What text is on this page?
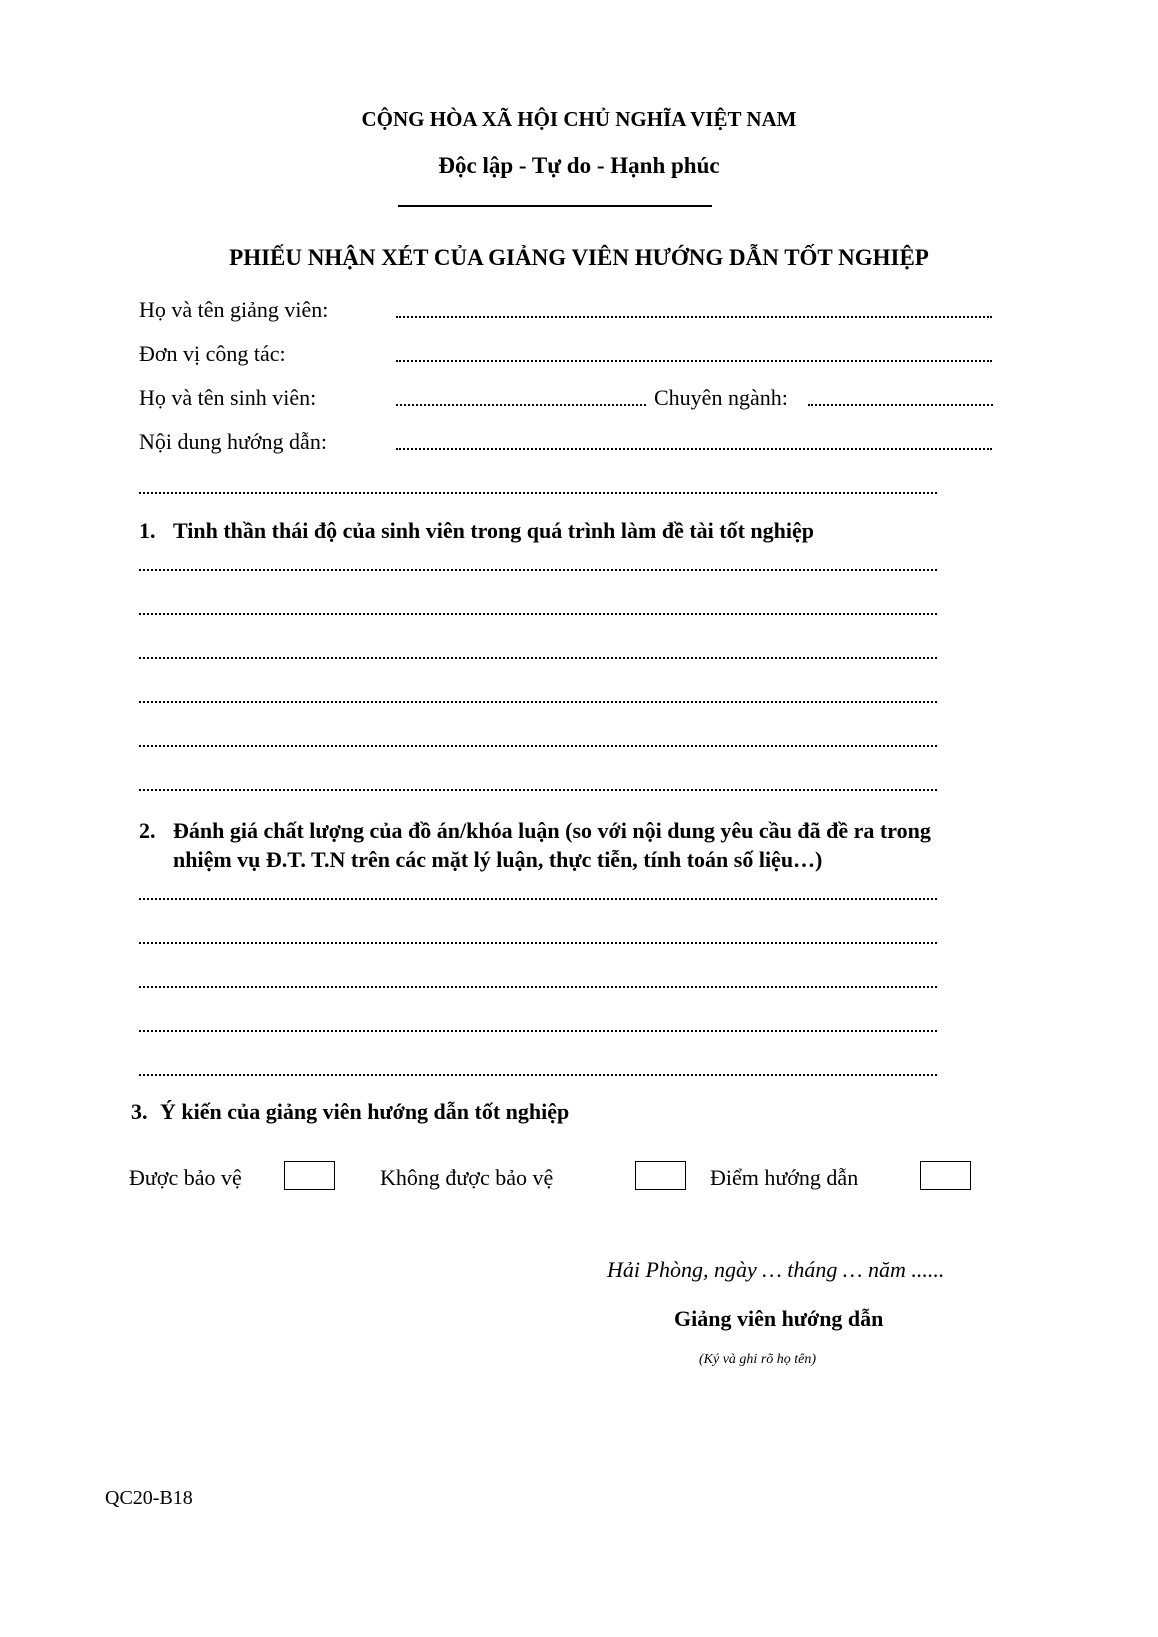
CỘNG HÒA XÃ HỘI CHỦ NGHĨA VIỆT NAM
Độc lập - Tự do - Hạnh phúc
PHIẾU NHẬN XÉT CỦA GIẢNG VIÊN HƯỚNG DẪN TỐT NGHIỆP
Họ và tên giảng viên:
Đơn vị công tác:
Họ và tên sinh viên:	Chuyên ngành:
Nội dung hướng dẫn:
1. Tinh thần thái độ của sinh viên trong quá trình làm đề tài tốt nghiệp
2. Đánh giá chất lượng của đồ án/khóa luận (so với nội dung yêu cầu đã đề ra trong
nhiệm vụ Đ.T. T.N trên các mặt lý luận, thực tiễn, tính toán số liệu…)
3. Ý kiến của giảng viên hướng dẫn tốt nghiệp
Được bảo vệ	Không được bảo vệ	Điểm hướng dẫn
Hải Phòng, ngày … tháng … năm ......
Giảng viên hướng dẫn
(Ký và ghi rõ họ tên)
QC20-B18
